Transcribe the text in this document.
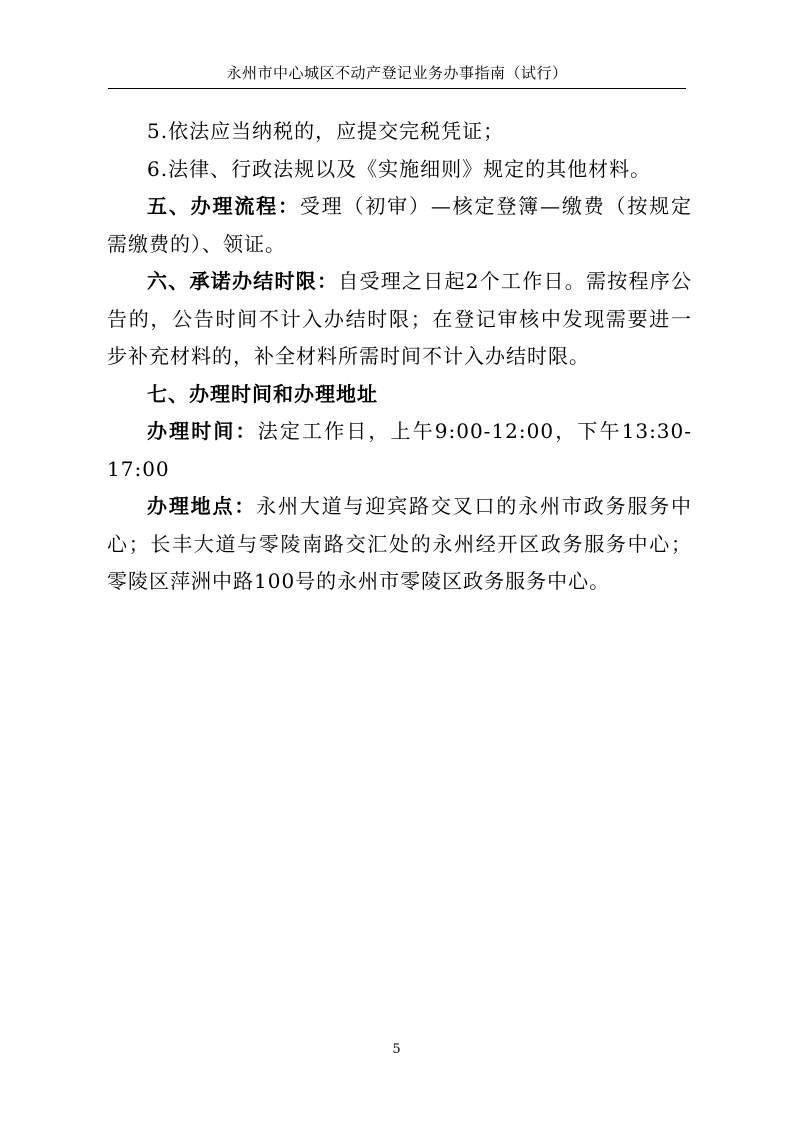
永州市中心城区不动产登记业务办事指南（试行）

5.依法应当纳税的，应提交完税凭证；

6.法律、行政法规以及《实施细则》规定的其他材料。

五、办理流程：受理（初审）—核定登簿—缴费（按规定需缴费的）、领证。

六、承诺办结时限：自受理之日起2个工作日。需按程序公告的，公告时间不计入办结时限；在登记审核中发现需要进一步补充材料的，补全材料所需时间不计入办结时限。

七、办理时间和办理地址

办理时间：法定工作日，上午9:00-12:00，下午13:30-17:00

办理地点：永州大道与迎宾路交叉口的永州市政务服务中心；长丰大道与零陵南路交汇处的永州经开区政务服务中心；零陵区萍洲中路100号的永州市零陵区政务服务中心。

5
